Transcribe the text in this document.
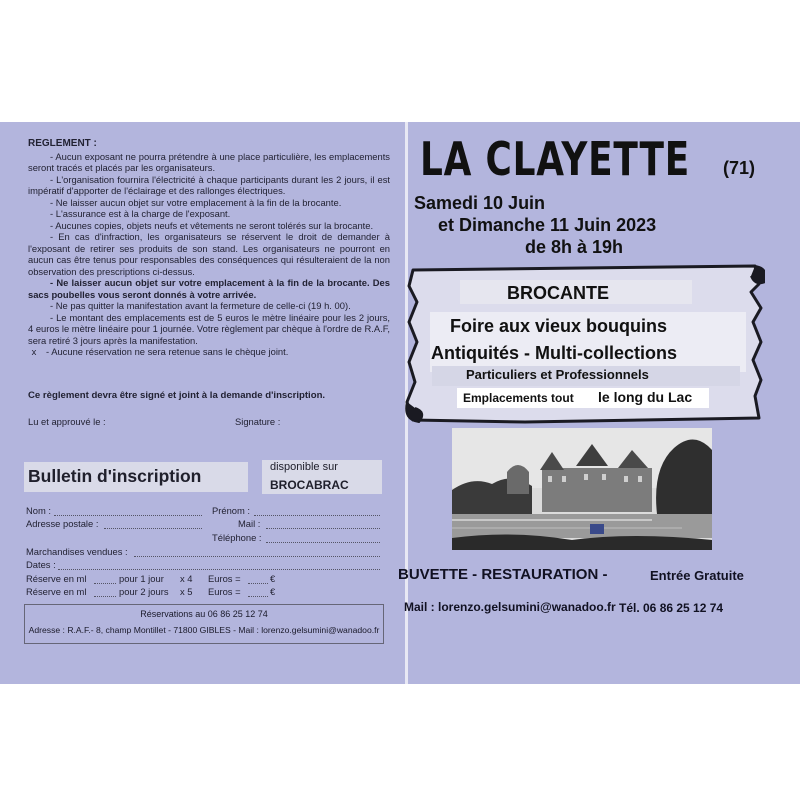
REGLEMENT :

- Aucun exposant ne pourra prétendre à une place particulière, les emplacements seront tracés et placés par les organisateurs.

- L'organisation fournira l'électricité à chaque participants durant les 2 jours, il est impératif d'apporter de l'éclairage et des rallonges électriques.

- Ne laisser aucun objet sur votre emplacement à la fin de la brocante.

- L'assurance est à la charge de l'exposant.

- Aucunes copies, objets neufs et vêtements ne seront tolérés sur la brocante.

- En cas d'infraction, les organisateurs se réservent le droit de demander à l'exposant de retirer ses produits de son stand. Les organisateurs ne pourront en aucun cas être tenus pour responsables des conséquences qui résulteraient de la non observation des prescriptions ci-dessus.

- Ne laisser aucun objet sur votre emplacement à la fin de la brocante. Des sacs poubelles vous seront donnés à votre arrivée.

- Ne pas quitter la manifestation avant la fermeture de celle-ci (19 h. 00).

- Le montant des emplacements est de 5 euros le mètre linéaire pour les 2 jours, 4 euros le mètre linéaire pour 1 journée. Votre règlement par chèque à l'ordre de R.A.F, sera retiré 3 jours après la manifestation.

x - Aucune réservation ne sera retenue sans le chèque joint.

Ce règlement devra être signé et joint à la demande d'inscription.
Lu et approuvé le :	Signature :
Bulletin d'inscription	disponible sur
BROCABRAC
Nom :	Prénom :
Adresse postale :	Mail :
Téléphone :
Marchandises vendues :
Dates :
Réserve en ml	pour 1 jour x 4 Euros =	€
Réserve en ml	pour 2 jours x 5 Euros =	€
Réservations au 06 86 25 12 74
Adresse : R.A.F.- 8, champ Montillet - 71800 GIBLES - Mail : lorenzo.gelsumini@wanadoo.fr
LA CLAYETTE (71)
Samedi 10 Juin
et Dimanche 11 Juin 2023
de 8h à 19h
BROCANTE
Foire aux vieux bouquins
Antiquités - Multi-collections
Particuliers et Professionnels
Emplacements tout le long du Lac
BUVETTE - RESTAURATION -	Entrée Gratuite
Mail : lorenzo.gelsumini@wanadoo.fr Tél. 06 86 25 12 74
